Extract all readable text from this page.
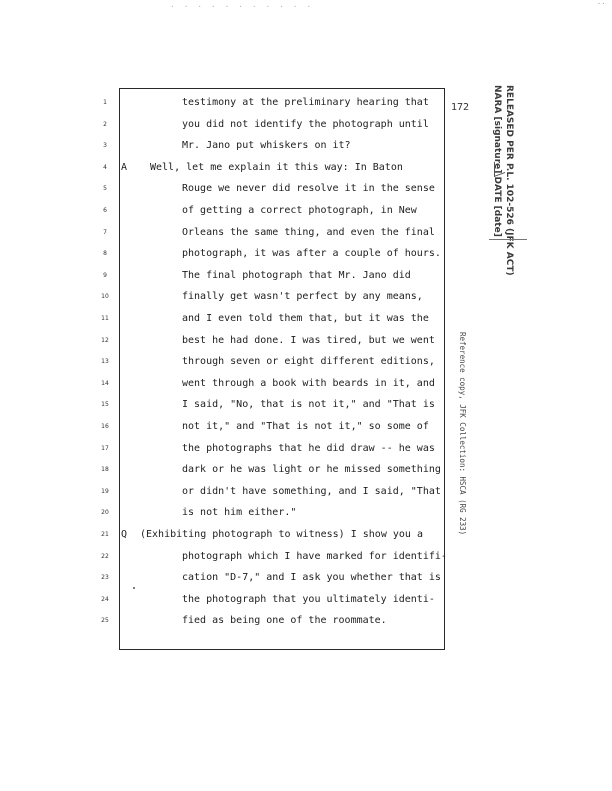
· · · · · · · · · · ·	··
172
1	testimony at the preliminary hearing that
2	you did not identify the photograph until
3	Mr. Jano put whiskers on it?
4	A Well, let me explain it this way: In Baton
5	Rouge we never did resolve it in the sense
6	of getting a correct photograph, in New
7	Orleans the same thing, and even the final
8	photograph, it was after a couple of hours.
9	The final photograph that Mr. Jano did
10	finally get wasn't perfect by any means,
11	and I even told them that, but it was the
12	best he had done. I was tired, but we went
13	through seven or eight different editions,
14	went through a book with beards in it, and
15	I said, "No, that is not it," and "That is
16	not it," and "That is not it," so some of
17	the photographs that he did draw -- he was
18	dark or he was light or he missed something
19	or didn't have something, and I said, "That
20	is not him either."
21	Q (Exhibiting photograph to witness) I show you a
22	photograph which I have marked for identifi-
23	cation "D-7," and I ask you whether that is
24	the photograph that you ultimately identi-
25	fied as being one of the roommate.
RELEASED PER P.L. 102-526 (JFK ACT)
NARA [signature] DATE [date]
Reference copy, JFK Collection: HSCA (RG 233)
